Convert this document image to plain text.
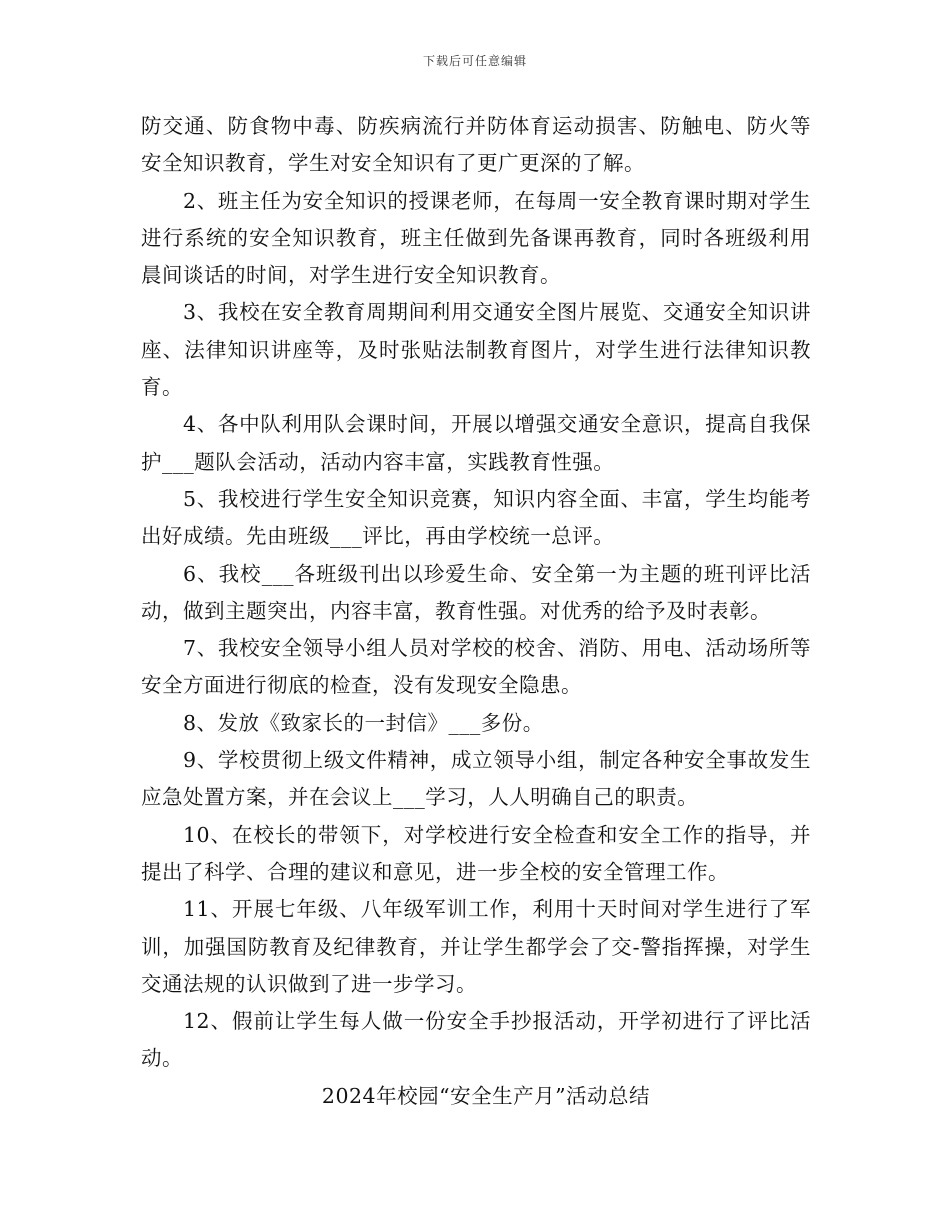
下载后可任意编辑

防交通、防食物中毒、防疾病流行并防体育运动损害、防触电、防火等安全知识教育，学生对安全知识有了更广更深的了解。

2、班主任为安全知识的授课老师，在每周一安全教育课时期对学生进行系统的安全知识教育，班主任做到先备课再教育，同时各班级利用晨间谈话的时间，对学生进行安全知识教育。

3、我校在安全教育周期间利用交通安全图片展览、交通安全知识讲座、法律知识讲座等，及时张贴法制教育图片，对学生进行法律知识教育。

4、各中队利用队会课时间，开展以增强交通安全意识，提高自我保护___题队会活动，活动内容丰富，实践教育性强。

5、我校进行学生安全知识竞赛，知识内容全面、丰富，学生均能考出好成绩。先由班级___评比，再由学校统一总评。

6、我校___各班级刊出以珍爱生命、安全第一为主题的班刊评比活动，做到主题突出，内容丰富，教育性强。对优秀的给予及时表彰。

7、我校安全领导小组人员对学校的校舍、消防、用电、活动场所等安全方面进行彻底的检查，没有发现安全隐患。

8、发放《致家长的一封信》___多份。

9、学校贯彻上级文件精神，成立领导小组，制定各种安全事故发生应急处置方案，并在会议上___学习，人人明确自己的职责。

10、在校长的带领下，对学校进行安全检查和安全工作的指导，并提出了科学、合理的建议和意见，进一步全校的安全管理工作。

11、开展七年级、八年级军训工作，利用十天时间对学生进行了军训，加强国防教育及纪律教育，并让学生都学会了交-警指挥操，对学生交通法规的认识做到了进一步学习。

12、假前让学生每人做一份安全手抄报活动，开学初进行了评比活动。

2024年校园“安全生产月”活动总结
